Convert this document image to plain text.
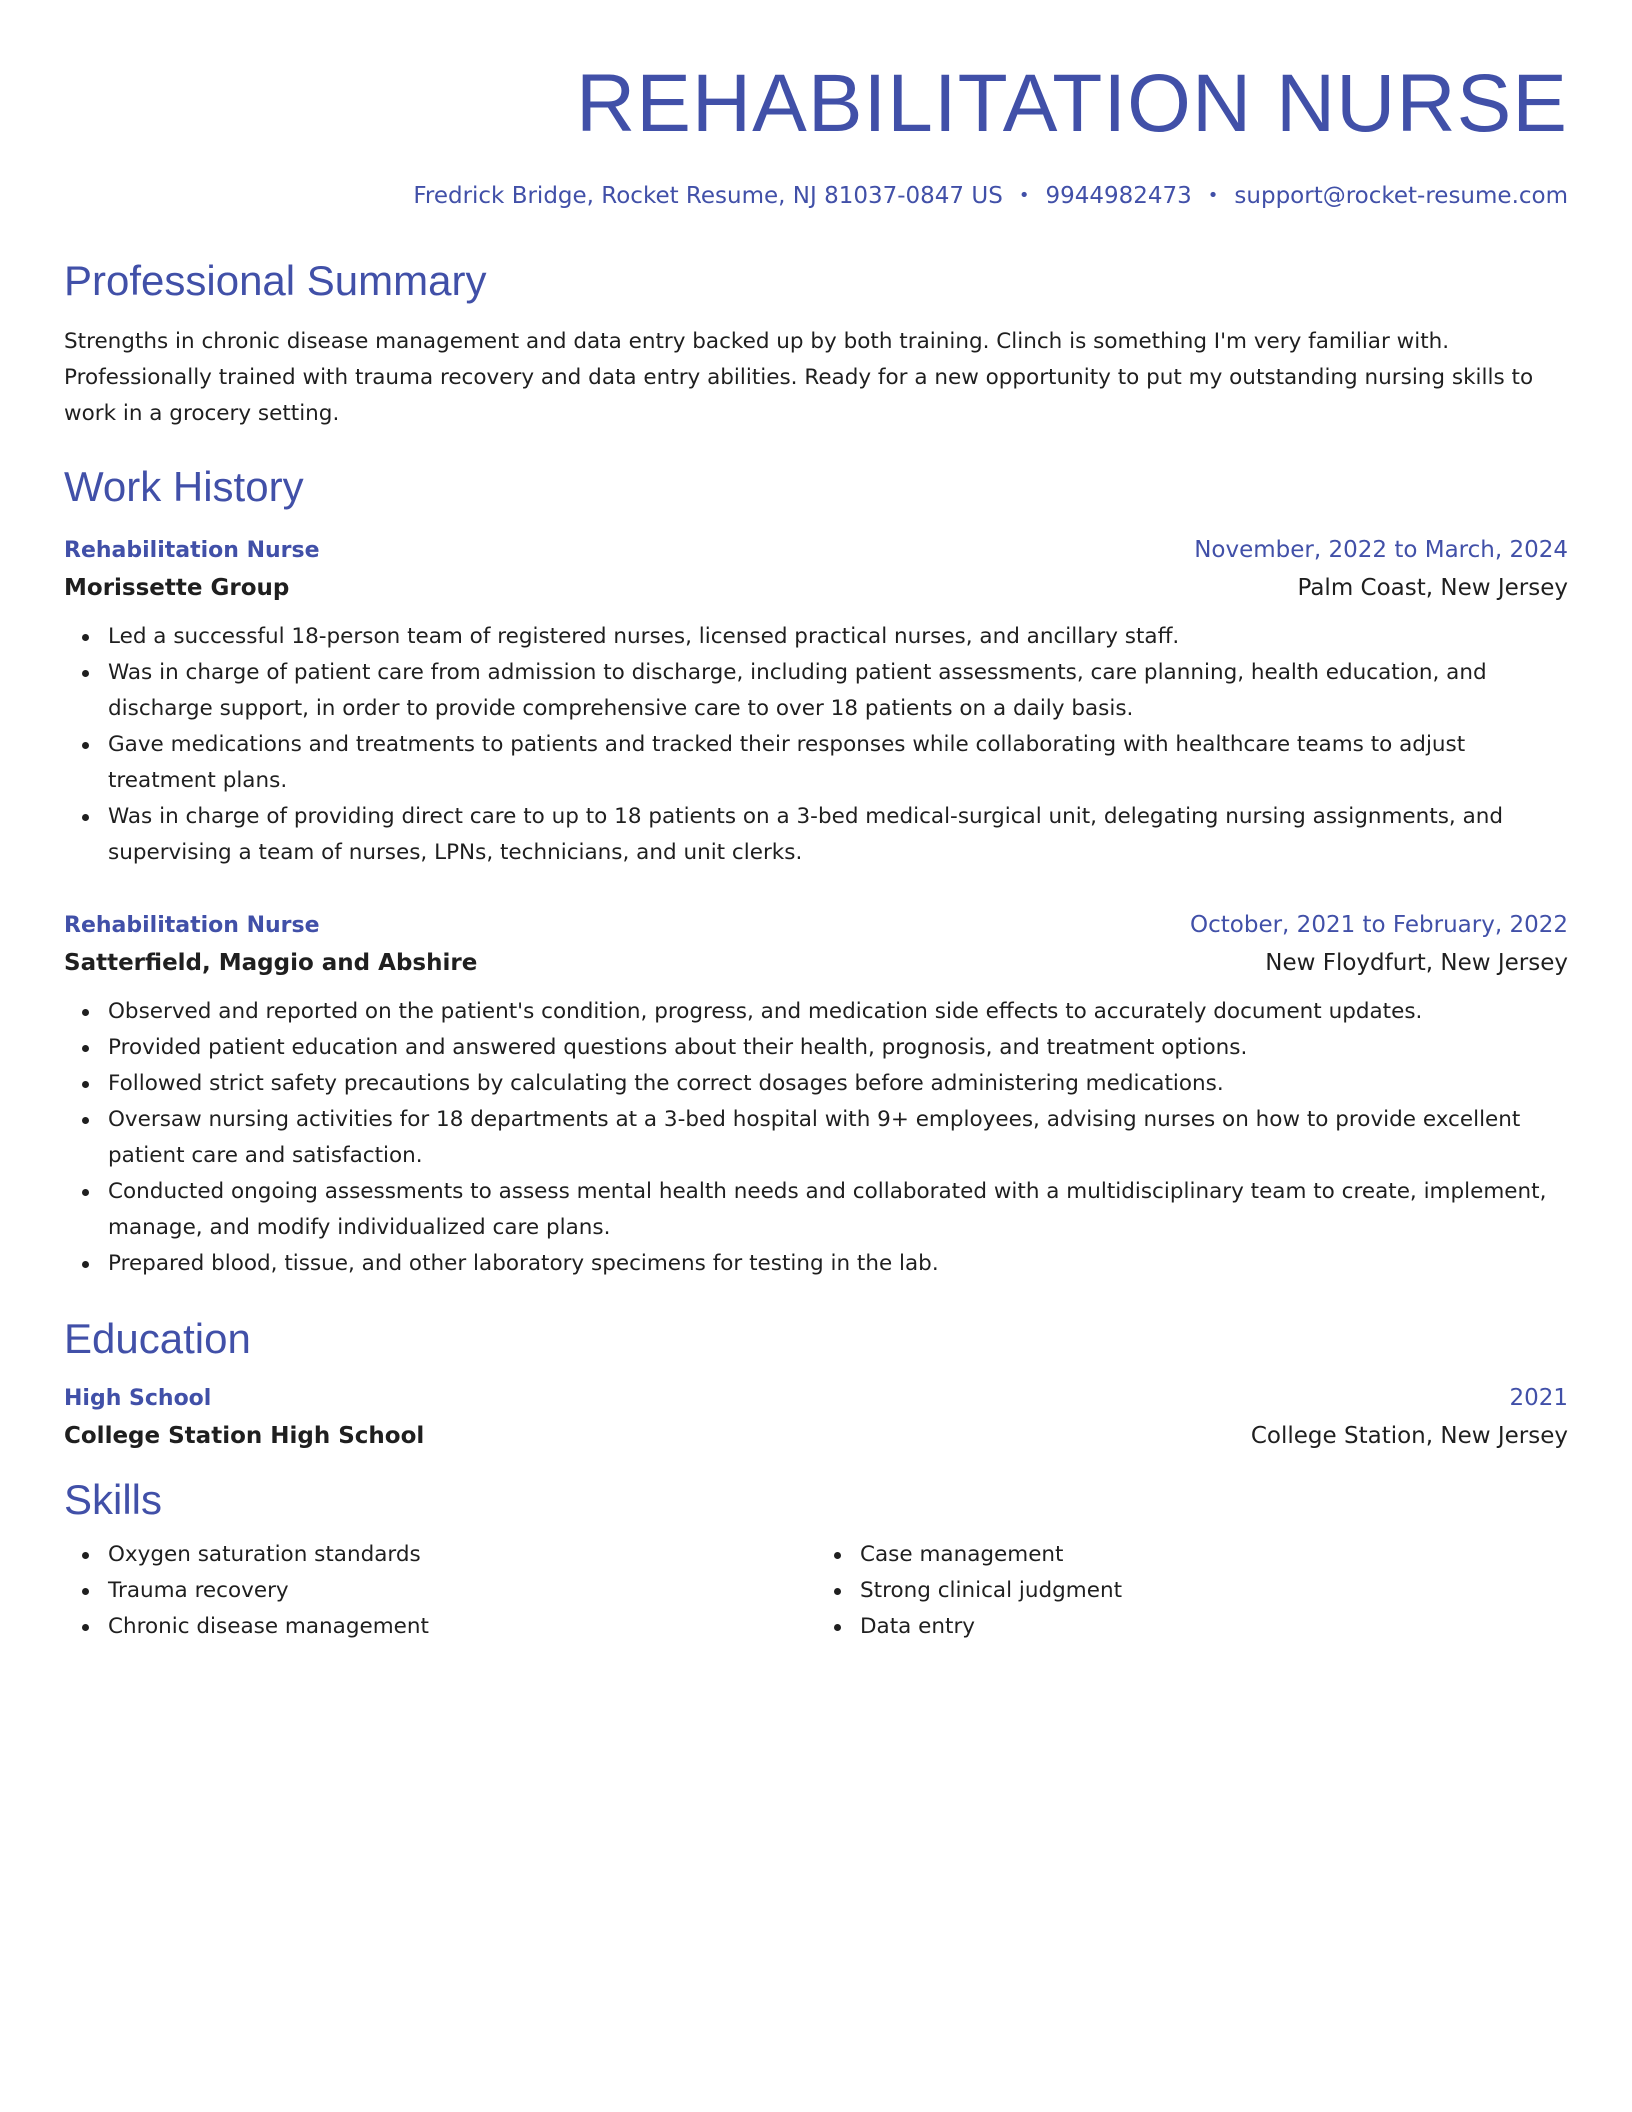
REHABILITATION NURSE
Fredrick Bridge, Rocket Resume, NJ 81037-0847 US • 9944982473 • support@rocket-resume.com
Professional Summary

Strengths in chronic disease management and data entry backed up by both training. Clinch is something I'm very familiar with. Professionally trained with trauma recovery and data entry abilities. Ready for a new opportunity to put my outstanding nursing skills to work in a grocery setting.

Work History
Rehabilitation Nurse	November, 2022 to March, 2024
Morissette Group	Palm Coast, New Jersey
Led a successful 18-person team of registered nurses, licensed practical nurses, and ancillary staff.
Was in charge of patient care from admission to discharge, including patient assessments, care planning, health education, and discharge support, in order to provide comprehensive care to over 18 patients on a daily basis.
Gave medications and treatments to patients and tracked their responses while collaborating with healthcare teams to adjust treatment plans.
Was in charge of providing direct care to up to 18 patients on a 3-bed medical-surgical unit, delegating nursing assignments, and supervising a team of nurses, LPNs, technicians, and unit clerks.
Rehabilitation Nurse	October, 2021 to February, 2022
Satterfield, Maggio and Abshire	New Floydfurt, New Jersey
Observed and reported on the patient's condition, progress, and medication side effects to accurately document updates.
Provided patient education and answered questions about their health, prognosis, and treatment options.
Followed strict safety precautions by calculating the correct dosages before administering medications.
Oversaw nursing activities for 18 departments at a 3-bed hospital with 9+ employees, advising nurses on how to provide excellent patient care and satisfaction.
Conducted ongoing assessments to assess mental health needs and collaborated with a multidisciplinary team to create, implement, manage, and modify individualized care plans.
Prepared blood, tissue, and other laboratory specimens for testing in the lab.
Education
High School	2021
College Station High School	College Station, New Jersey
Skills
Oxygen saturation standards
Trauma recovery
Chronic disease management
Case management
Strong clinical judgment
Data entry
